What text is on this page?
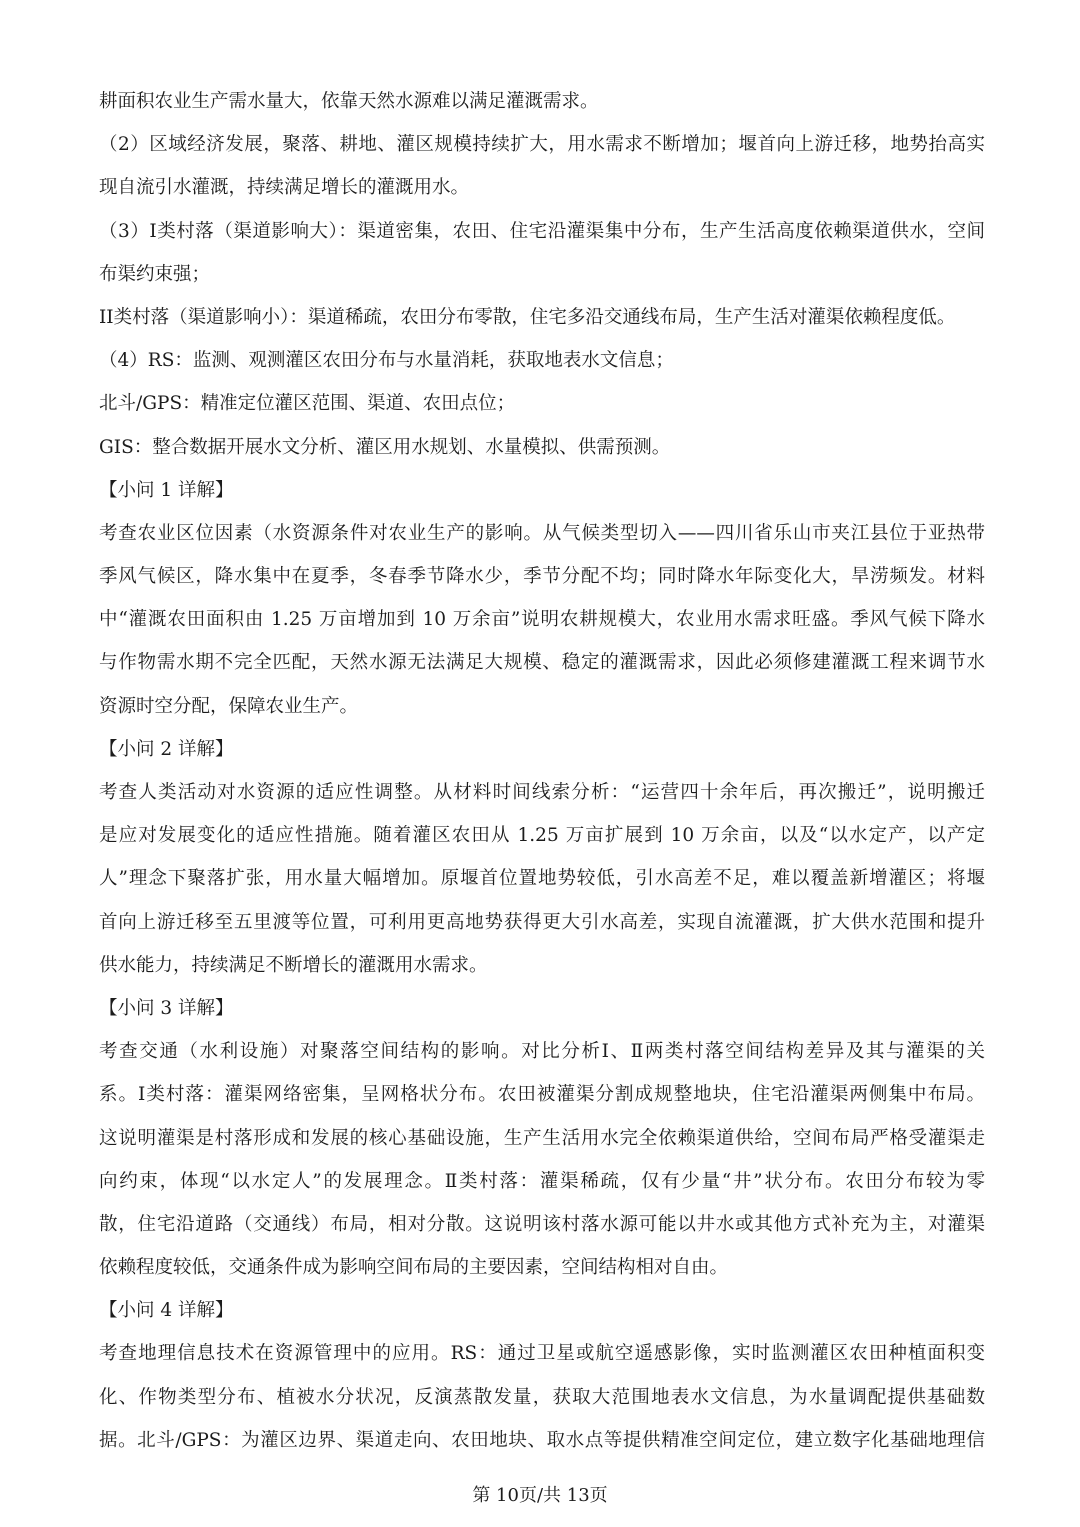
耕面积农业生产需水量大，依靠天然水源难以满足灌溉需求。
（2）区域经济发展，聚落、耕地、灌区规模持续扩大，用水需求不断增加；堰首向上游迁移，地势抬高实
现自流引水灌溉，持续满足增长的灌溉用水。
（3）I类村落（渠道影响大）：渠道密集，农田、住宅沿灌渠集中分布，生产生活高度依赖渠道供水，空间
布渠约束强；
II类村落（渠道影响小）：渠道稀疏，农田分布零散，住宅多沿交通线布局，生产生活对灌渠依赖程度低。
（4）RS：监测、观测灌区农田分布与水量消耗，获取地表水文信息；
北斗/GPS：精准定位灌区范围、渠道、农田点位；
GIS：整合数据开展水文分析、灌区用水规划、水量模拟、供需预测。
【小问 1 详解】
考查农业区位因素（水资源条件对农业生产的影响。从气候类型切入——四川省乐山市夹江县位于亚热带
季风气候区，降水集中在夏季，冬春季节降水少，季节分配不均；同时降水年际变化大，旱涝频发。材料
中“灌溉农田面积由 1.25 万亩增加到 10 万余亩”说明农耕规模大，农业用水需求旺盛。季风气候下降水
与作物需水期不完全匹配，天然水源无法满足大规模、稳定的灌溉需求，因此必须修建灌溉工程来调节水
资源时空分配，保障农业生产。
【小问 2 详解】
考查人类活动对水资源的适应性调整。从材料时间线索分析：“运营四十余年后，再次搬迁”，说明搬迁
是应对发展变化的适应性措施。随着灌区农田从 1.25 万亩扩展到 10 万余亩，以及“以水定产，以产定
人”理念下聚落扩张，用水量大幅增加。原堰首位置地势较低，引水高差不足，难以覆盖新增灌区；将堰
首向上游迁移至五里渡等位置，可利用更高地势获得更大引水高差，实现自流灌溉，扩大供水范围和提升
供水能力，持续满足不断增长的灌溉用水需求。
【小问 3 详解】
考查交通（水利设施）对聚落空间结构的影响。对比分析Ⅰ、Ⅱ两类村落空间结构差异及其与灌渠的关
系。Ⅰ类村落：灌渠网络密集，呈网格状分布。农田被灌渠分割成规整地块，住宅沿灌渠两侧集中布局。
这说明灌渠是村落形成和发展的核心基础设施，生产生活用水完全依赖渠道供给，空间布局严格受灌渠走
向约束，体现“以水定人”的发展理念。Ⅱ类村落：灌渠稀疏，仅有少量“井”状分布。农田分布较为零
散，住宅沿道路（交通线）布局，相对分散。这说明该村落水源可能以井水或其他方式补充为主，对灌渠
依赖程度较低，交通条件成为影响空间布局的主要因素，空间结构相对自由。
【小问 4 详解】
考查地理信息技术在资源管理中的应用。RS：通过卫星或航空遥感影像，实时监测灌区农田种植面积变
化、作物类型分布、植被水分状况，反演蒸散发量，获取大范围地表水文信息，为水量调配提供基础数
据。北斗/GPS：为灌区边界、渠道走向、农田地块、取水点等提供精准空间定位，建立数字化基础地理信
第 10页/共 13页
